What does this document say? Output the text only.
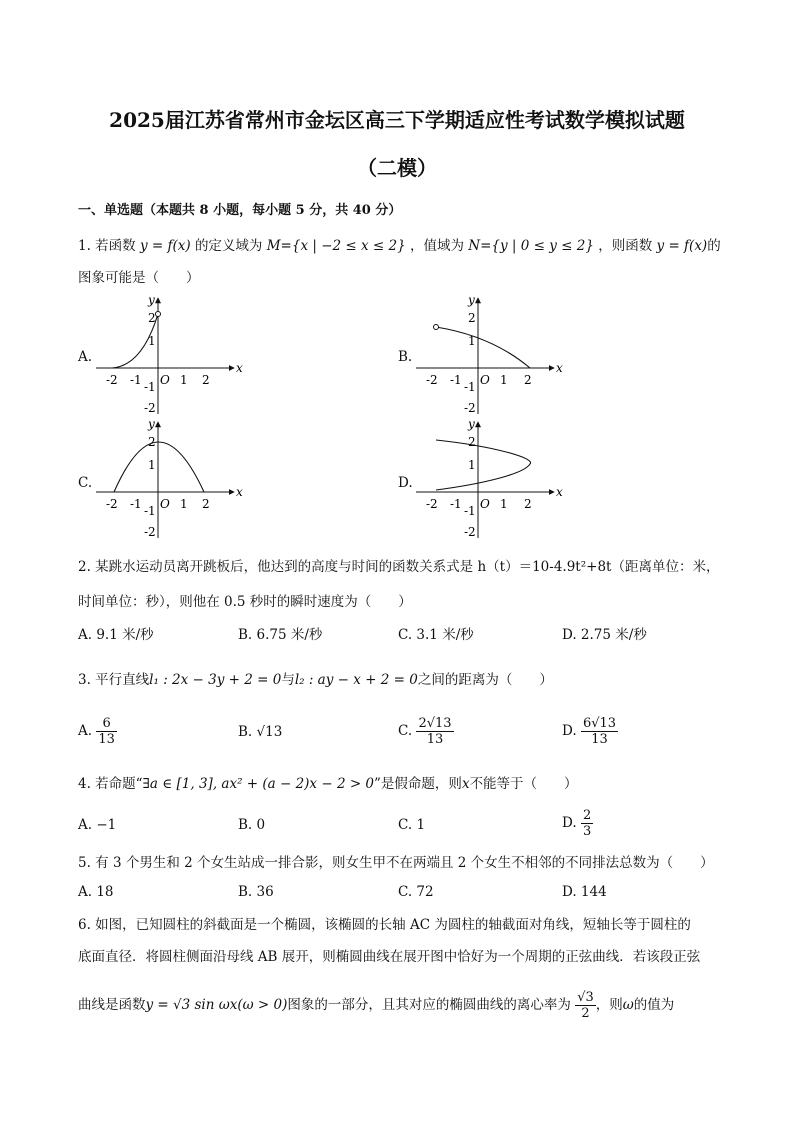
2025届江苏省常州市金坛区高三下学期适应性考试数学模拟试题
（二模）
一、单选题（本题共 8 小题，每小题 5 分，共 40 分）
1. 若函数 y = f(x) 的定义域为 M={x | −2 ≤ x ≤ 2} ，值域为 N={y | 0 ≤ y ≤ 2} ，则函数 y = f(x)的
图象可能是（　　）
A.	B.
C.	D.
x
y
O
-2 -1	1 2
2
1
-1
-2
x
y
O
-2 -1	1 2
2
1
-1
-2
x
y
O
-2 -1	1 2
2
1
-1
-2
x
y
O
-2 -1	1 2
2
1
-1
-2
2. 某跳水运动员离开跳板后，他达到的高度与时间的函数关系式是 h（t）＝10-4.9t²+8t（距离单位：米，
时间单位：秒），则他在 0.5 秒时的瞬时速度为（　　）
A. 9.1 米/秒	B. 6.75 米/秒	C. 3.1 米/秒	D. 2.75 米/秒
3. 平行直线l₁ : 2x − 3y + 2 = 0与l₂ : ay − x + 2 = 0之间的距离为（　　）
A. $\frac{6}{13}$	B. √13	C. $\frac{2√13}{13}$	D. $\frac{6√13}{13}$
4. 若命题“∃a ∈ [1, 3], ax² + (a − 2)x − 2 > 0”是假命题，则x不能等于（　　）
A. −1	B. 0	C. 1	D. $\frac{2}{3}$
5. 有 3 个男生和 2 个女生站成一排合影，则女生甲不在两端且 2 个女生不相邻的不同排法总数为（　　）
A. 18	B. 36	C. 72	D. 144
6. 如图，已知圆柱的斜截面是一个椭圆，该椭圆的长轴 AC 为圆柱的轴截面对角线，短轴长等于圆柱的
底面直径．将圆柱侧面沿母线 AB 展开，则椭圆曲线在展开图中恰好为一个周期的正弦曲线．若该段正弦
曲线是函数y = √3 sin ωx(ω > 0)图象的一部分，且其对应的椭圆曲线的离心率为 $\frac{√3}{2}$ ，则ω的值为
